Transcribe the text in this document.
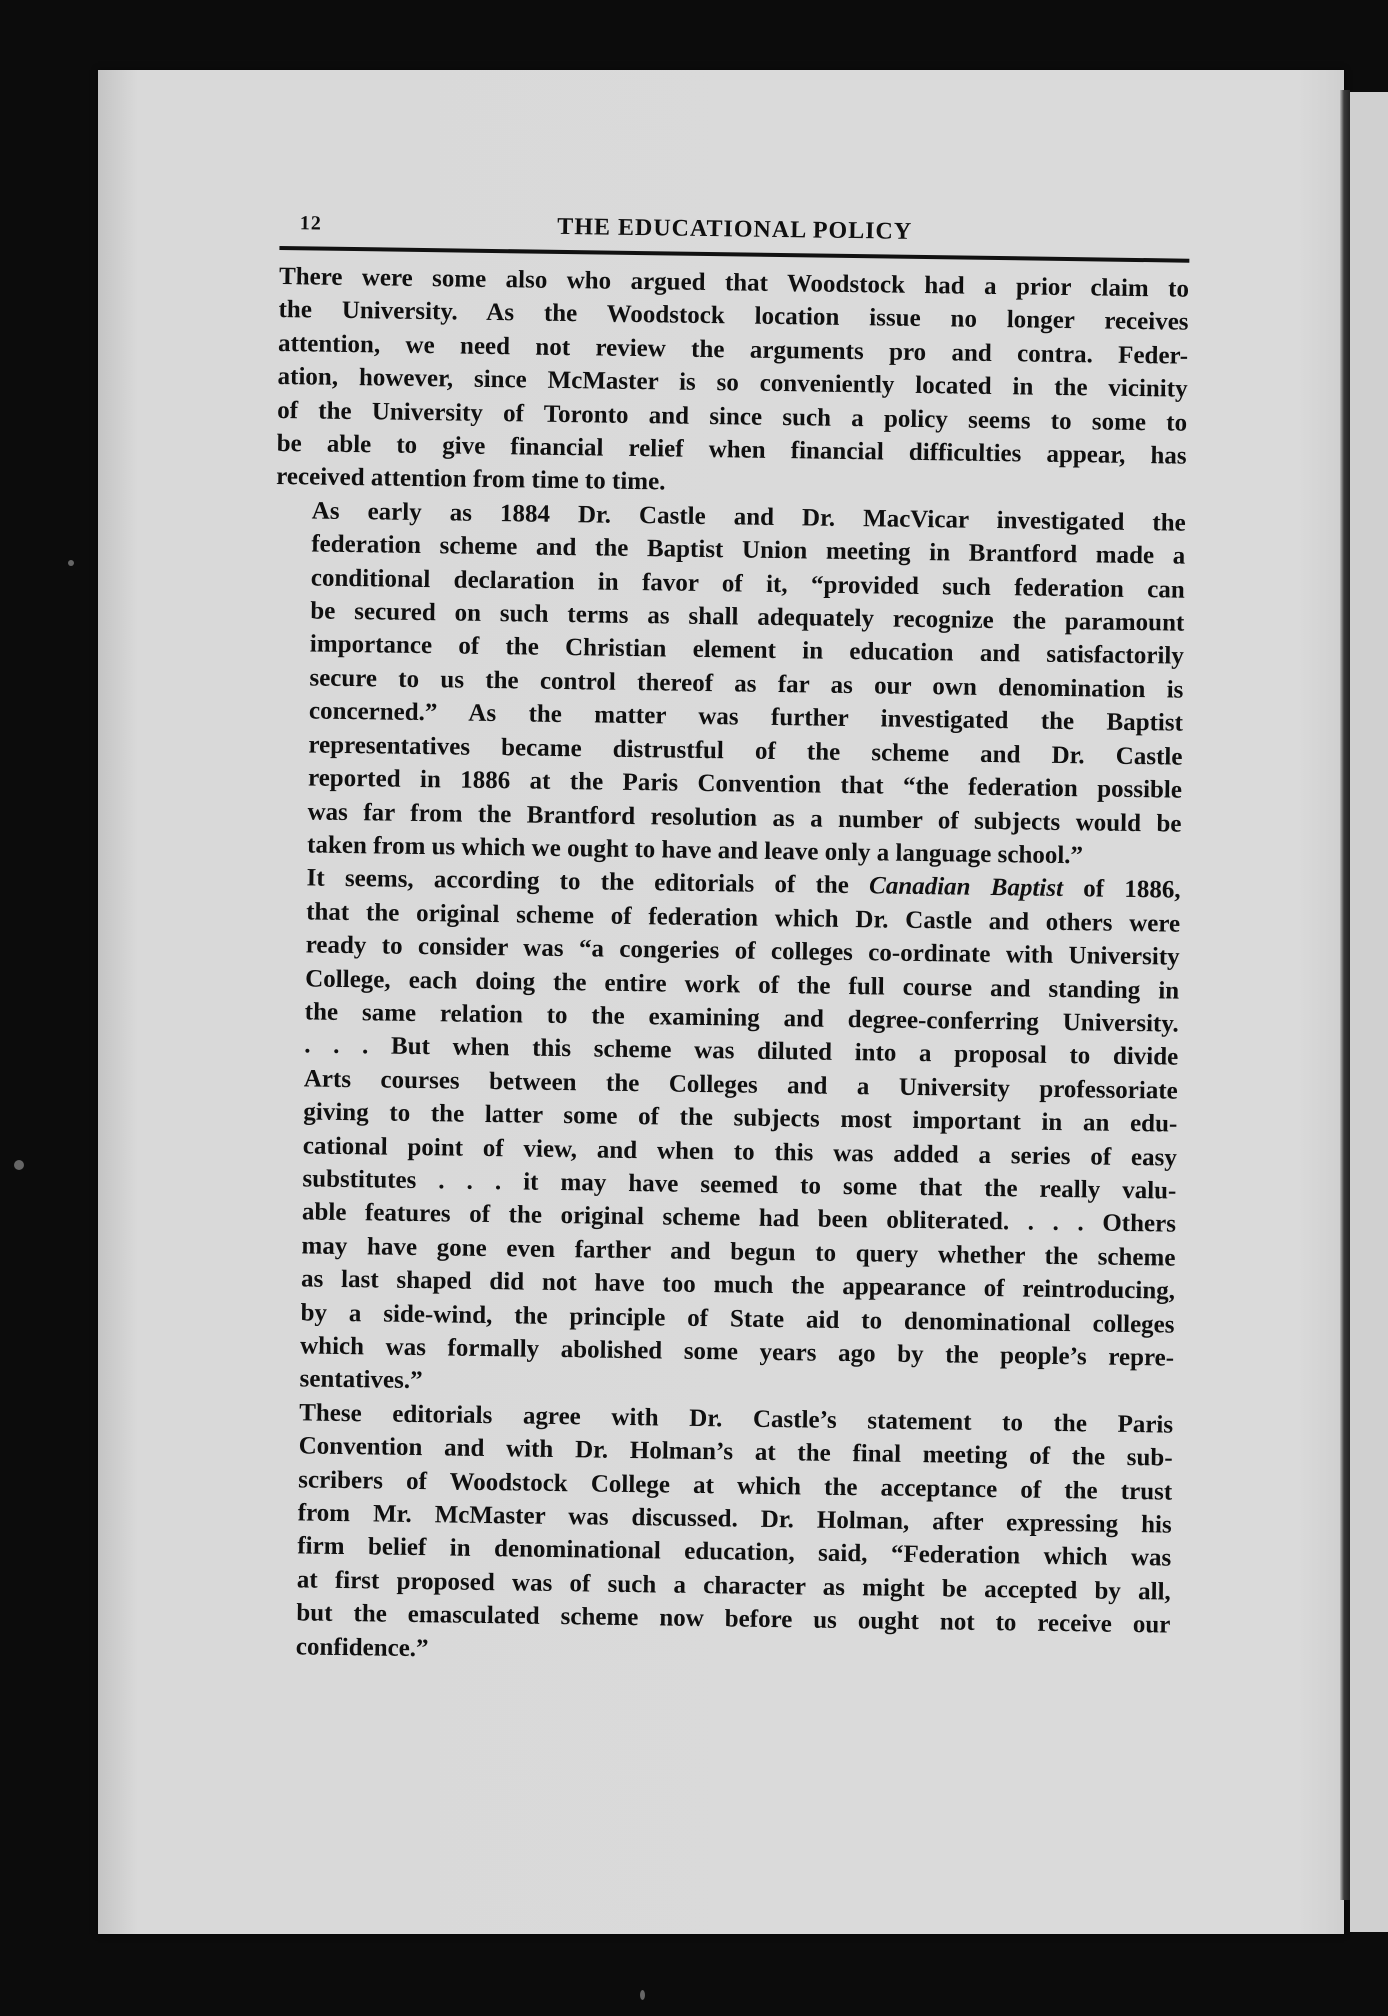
12	THE EDUCATIONAL POLICY

There were some also who argued that Woodstock had a prior claim to
the University. As the Woodstock location issue no longer receives
attention, we need not review the arguments pro and contra. Feder-
ation, however, since McMaster is so conveniently located in the vicinity
of the University of Toronto and since such a policy seems to some to
be able to give financial relief when financial difficulties appear, has
received attention from time to time.

As early as 1884 Dr. Castle and Dr. MacVicar investigated the
federation scheme and the Baptist Union meeting in Brantford made a
conditional declaration in favor of it, “provided such federation can
be secured on such terms as shall adequately recognize the paramount
importance of the Christian element in education and satisfactorily
secure to us the control thereof as far as our own denomination is
concerned.” As the matter was further investigated the Baptist
representatives became distrustful of the scheme and Dr. Castle
reported in 1886 at the Paris Convention that “the federation possible
was far from the Brantford resolution as a number of subjects would be
taken from us which we ought to have and leave only a language school.”

It seems, according to the editorials of the Canadian Baptist of 1886,
that the original scheme of federation which Dr. Castle and others were
ready to consider was “a congeries of colleges co-ordinate with University
College, each doing the entire work of the full course and standing in
the same relation to the examining and degree-conferring University.
. . . But when this scheme was diluted into a proposal to divide
Arts courses between the Colleges and a University professoriate
giving to the latter some of the subjects most important in an edu-
cational point of view, and when to this was added a series of easy
substitutes . . . it may have seemed to some that the really valu-
able features of the original scheme had been obliterated. . . . Others
may have gone even farther and begun to query whether the scheme
as last shaped did not have too much the appearance of reintroducing,
by a side-wind, the principle of State aid to denominational colleges
which was formally abolished some years ago by the people’s repre-
sentatives.”

These editorials agree with Dr. Castle’s statement to the Paris
Convention and with Dr. Holman’s at the final meeting of the sub-
scribers of Woodstock College at which the acceptance of the trust
from Mr. McMaster was discussed. Dr. Holman, after expressing his
firm belief in denominational education, said, “Federation which was
at first proposed was of such a character as might be accepted by all,
but the emasculated scheme now before us ought not to receive our
confidence.”
